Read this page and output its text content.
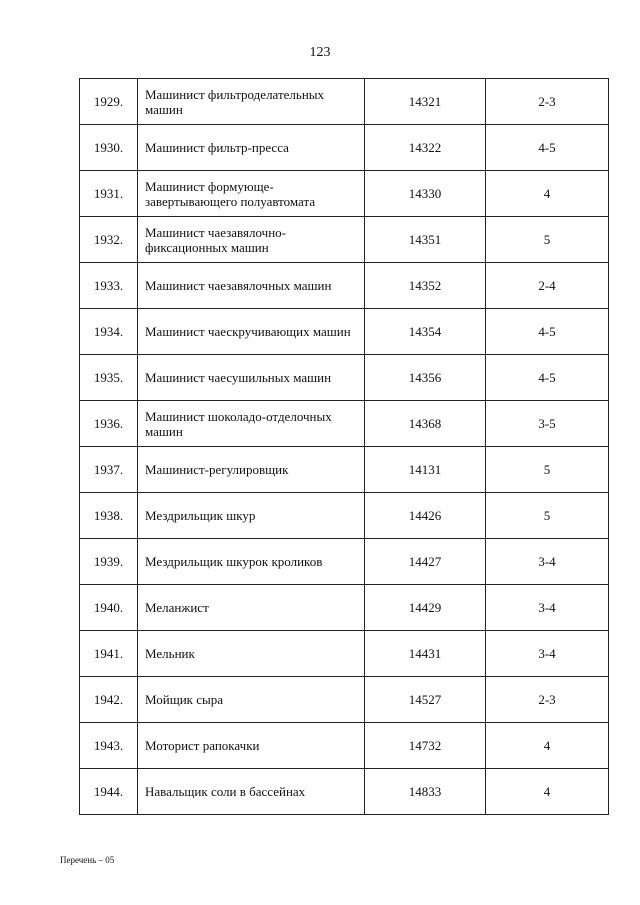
123
1929.	Машинист фильтроделательных машин	14321	2-3
1930.	Машинист фильтр-пресса	14322	4-5
1931.	Машинист формующе-завертывающего полуавтомата	14330	4
1932.	Машинист чаезавялочно-фиксационных машин	14351	5
1933.	Машинист чаезавялочных машин	14352	2-4
1934.	Машинист чаескручивающих машин	14354	4-5
1935.	Машинист чаесушильных машин	14356	4-5
1936.	Машинист шоколадо-отделочных машин	14368	3-5
1937.	Машинист-регулировщик	14131	5
1938.	Мездрильщик шкур	14426	5
1939.	Мездрильщик шкурок кроликов	14427	3-4
1940.	Меланжист	14429	3-4
1941.	Мельник	14431	3-4
1942.	Мойщик сыра	14527	2-3
1943.	Моторист рапокачки	14732	4
1944.	Навальщик соли в бассейнах	14833	4
Перечень – 05
